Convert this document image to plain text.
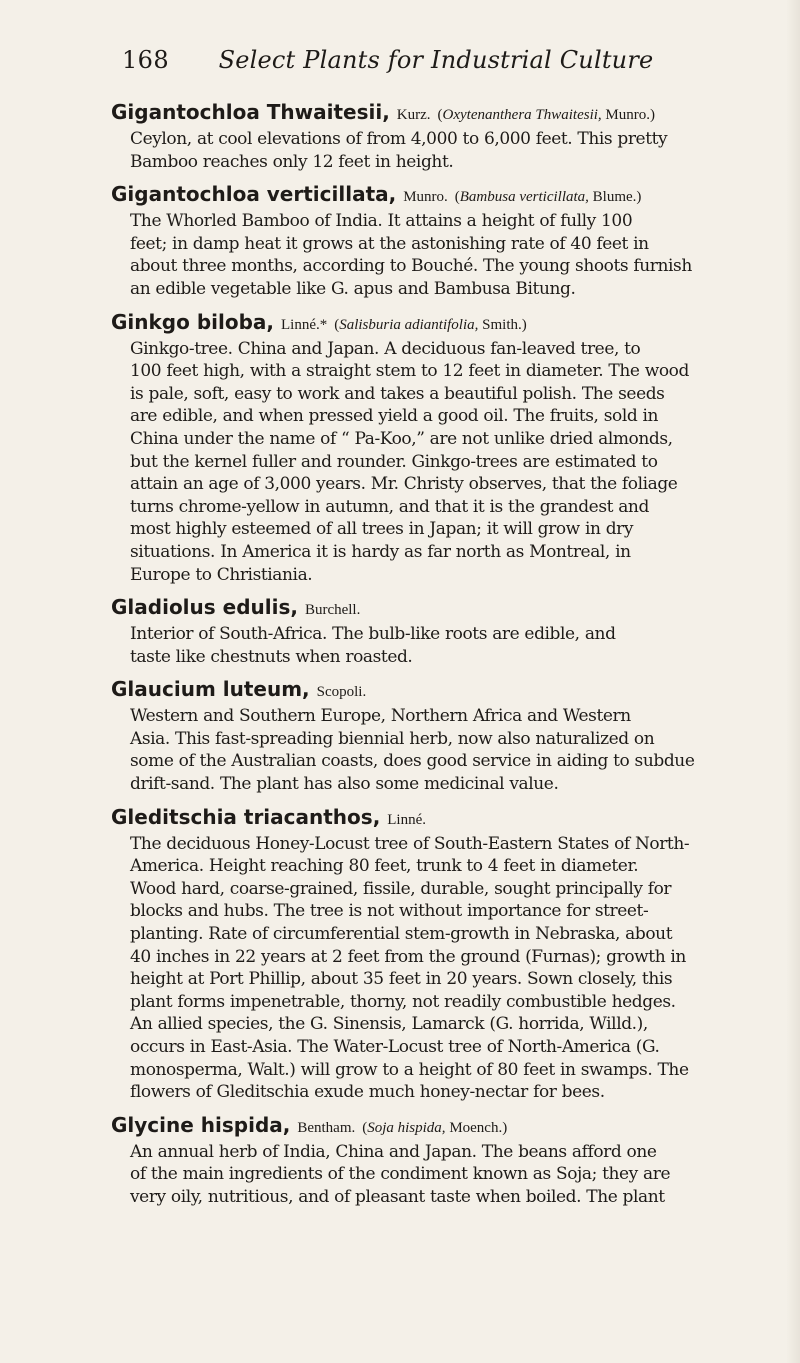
168	Select Plants for Industrial Culture

Gigantochloa Thwaitesii, Kurz. (Oxytenanthera Thwaitesii, Munro.)

Ceylon, at cool elevations of from 4,000 to 6,000 feet. This pretty
Bamboo reaches only 12 feet in height.

Gigantochloa verticillata, Munro. (Bambusa verticillata, Blume.)

The Whorled Bamboo of India. It attains a height of fully 100
feet; in damp heat it grows at the astonishing rate of 40 feet in
about three months, according to Bouché. The young shoots furnish
an edible vegetable like G. apus and Bambusa Bitung.

Ginkgo biloba, Linné.* (Salisburia adiantifolia, Smith.)

Ginkgo-tree. China and Japan. A deciduous fan-leaved tree, to
100 feet high, with a straight stem to 12 feet in diameter. The wood
is pale, soft, easy to work and takes a beautiful polish. The seeds
are edible, and when pressed yield a good oil. The fruits, sold in
China under the name of “ Pa-Koo,” are not unlike dried almonds,
but the kernel fuller and rounder. Ginkgo-trees are estimated to
attain an age of 3,000 years. Mr. Christy observes, that the foliage
turns chrome-yellow in autumn, and that it is the grandest and
most highly esteemed of all trees in Japan; it will grow in dry
situations. In America it is hardy as far north as Montreal, in
Europe to Christiania.

Gladiolus edulis, Burchell.

Interior of South-Africa. The bulb-like roots are edible, and
taste like chestnuts when roasted.

Glaucium luteum, Scopoli.

Western and Southern Europe, Northern Africa and Western
Asia. This fast-spreading biennial herb, now also naturalized on
some of the Australian coasts, does good service in aiding to subdue
drift-sand. The plant has also some medicinal value.

Gleditschia triacanthos, Linné.

The deciduous Honey-Locust tree of South-Eastern States of North-
America. Height reaching 80 feet, trunk to 4 feet in diameter.
Wood hard, coarse-grained, fissile, durable, sought principally for
blocks and hubs. The tree is not without importance for street-
planting. Rate of circumferential stem-growth in Nebraska, about
40 inches in 22 years at 2 feet from the ground (Furnas); growth in
height at Port Phillip, about 35 feet in 20 years. Sown closely, this
plant forms impenetrable, thorny, not readily combustible hedges.
An allied species, the G. Sinensis, Lamarck (G. horrida, Willd.),
occurs in East-Asia. The Water-Locust tree of North-America (G.
monosperma, Walt.) will grow to a height of 80 feet in swamps. The
flowers of Gleditschia exude much honey-nectar for bees.

Glycine hispida, Bentham. (Soja hispida, Moench.)

An annual herb of India, China and Japan. The beans afford one
of the main ingredients of the condiment known as Soja; they are
very oily, nutritious, and of pleasant taste when boiled. The plant
